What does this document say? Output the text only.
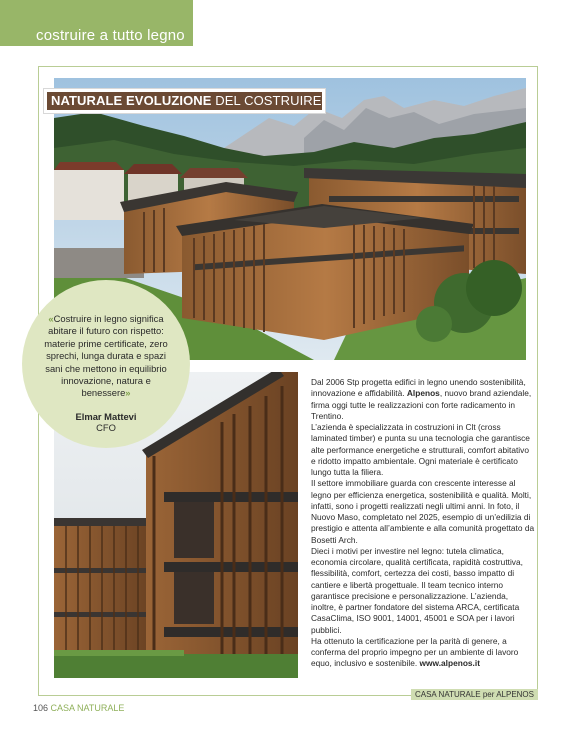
costruire a tutto legno
NATURALE EVOLUZIONE DEL COSTRUIRE
«Costruire in legno significa abitare il futuro con rispetto: materie prime certificate, zero sprechi, lunga durata e spazi sani che mettono in equilibrio innovazione, natura e benessere»
Elmar Mattevi
CFO

Dal 2006 Stp progetta edifici in legno unendo sostenibilità, innovazione e affidabilità. Alpenos, nuovo brand aziendale, firma oggi tutte le realizzazioni con forte radicamento in Trentino.

L’azienda è specializzata in costruzioni in Clt (cross laminated timber) e punta su una tecnologia che garantisce alte performance energetiche e strutturali, comfort abitativo e ridotto impatto ambientale. Ogni materiale è certificato lungo tutta la filiera.

Il settore immobiliare guarda con crescente interesse al legno per efficienza energetica, sostenibilità e qualità. Molti, infatti, sono i progetti realizzati negli ultimi anni. In foto, il Nuovo Maso, completato nel 2025, esempio di un’edilizia di prestigio e attenta all’ambiente e alla comunità progettato da Bosetti Arch.

Dieci i motivi per investire nel legno: tutela climatica, economia circolare, qualità certificata, rapidità costruttiva, flessibilità, comfort, certezza dei costi, basso impatto di cantiere e libertà progettuale. Il team tecnico interno garantisce precisione e personalizzazione. L’azienda, inoltre, è partner fondatore del sistema ARCA, certificata CasaClima, ISO 9001, 14001, 45001 e SOA per i lavori pubblici.

Ha ottenuto la certificazione per la parità di genere, a conferma del proprio impegno per un ambiente di lavoro equo, inclusivo e sostenibile. www.alpenos.it

CASA NATURALE per ALPENOS
106 CASA NATURALE
